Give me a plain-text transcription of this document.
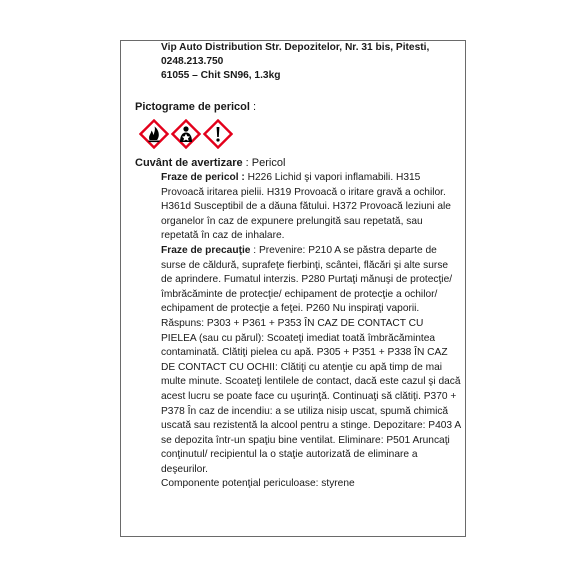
Vip Auto Distribution Str. Depozitelor, Nr. 31 bis, Pitesti,
0248.213.750
61055 – Chit SN96, 1.3kg
Pictograme de pericol :
Cuvânt de avertizare : Pericol

Fraze de pericol : H226 Lichid şi vapori inflamabili. H315 Provoacă iritarea pielii. H319 Provoacă o iritare gravă a ochilor. H361d Susceptibil de a dăuna fătului. H372 Provoacă leziuni ale organelor în caz de expunere prelungită sau repetată, sau repetată în caz de inhalare.

Fraze de precauţie : Prevenire: P210 A se păstra departe de surse de căldură, suprafeţe fierbinţi, scântei, flăcări şi alte surse de aprindere. Fumatul interzis. P280 Purtaţi mănuşi de protecţie/ îmbrăcăminte de protecţie/ echipament de protecţie a ochilor/ echipament de protecţie a feţei. P260 Nu inspiraţi vaporii. Răspuns: P303 + P361 + P353 ÎN CAZ DE CONTACT CU PIELEA (sau cu părul): Scoateţi imediat toată îmbrăcămintea contaminată. Clătiţi pielea cu apă. P305 + P351 + P338 ÎN CAZ DE CONTACT CU OCHII: Clătiţi cu atenţie cu apă timp de mai multe minute. Scoateţi lentilele de contact, dacă este cazul şi dacă acest lucru se poate face cu uşurinţă. Continuaţi să clătiţi. P370 + P378 În caz de incendiu: a se utiliza nisip uscat, spumă chimică uscată sau rezistentă la alcool pentru a stinge. Depozitare: P403 A se depozita într-un spaţiu bine ventilat. Eliminare: P501 Aruncaţi conţinutul/ recipientul la o staţie autorizată de eliminare a deşeurilor.

Componente potenţial periculoase: styrene
